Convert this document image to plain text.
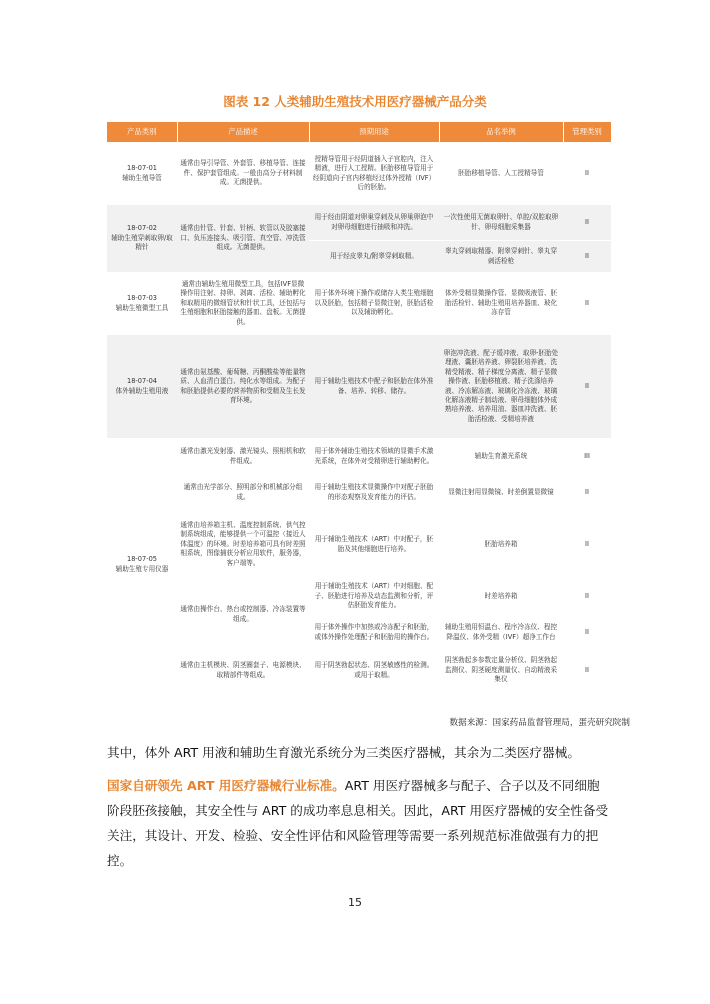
图表 12 人类辅助生殖技术用医疗器械产品分类
产品类别	产品描述	预期用途	品名举例	管理类别
18-07-01
辅助生殖导管	通常由导引导管、外套管、移植导管、连接件、保护套管组成。一般由高分子材料制成。无菌提供。	授精导管用于经阴道插入子宫腔内，注入精液，进行人工授精。胚胎移植导管用于经阴道向子宫内移植经过体外授精（IVF）后的胚胎。	胚胎移植导管、人工授精导管	II
18-07-02
辅助生殖穿刺取卵/取精针	通常由针管、针套、针柄、软管以及胶塞接口、负压连接头、吸引管、真空管、冲洗管组成。无菌提供。	用于经由阴道对卵巢穿刺及从卵巢卵泡中对卵母细胞进行抽吸和冲洗。	一次性使用无菌取卵针、单腔/双腔取卵针、卵母细胞采集器	II
		用于经皮睾丸/附睾穿刺取精。	睾丸穿刺取精器、附睾穿刺针、睾丸穿刺活检枪	II
18-07-03
辅助生殖微型工具	通常由辅助生殖用微型工具，包括IVF显微操作用注射、持卵、剥离、活检、辅助孵化和取精用的微细管状和针状工具，还包括与生殖细胞和胚胎接触的器皿、盘板。无菌提供。	用于体外环境下操作或储存人类生殖细胞以及胚胎，包括精子显微注射，胚胎活检以及辅助孵化。	体外受精显微操作管、显微吸液管、胚胎活检针、辅助生殖用培养器皿、玻化冻存管	II
18-07-04
体外辅助生殖用液	通常由氨基酸、葡萄糖、丙酮酸盐等能量物质、人血清白蛋白、纯化水等组成。为配子和胚胎提供必要的营养物质和受精及生长发育环境。	用于辅助生殖技术中配子和胚胎在体外准备、培养、转移、储存。	卵泡冲洗液、配子缓冲液、取卵-胚胎处理液、囊胚培养液、卵裂胚培养液、洗精受精液、精子梯度分离液、精子显微操作液、胚胎移植液、精子洗涤培养液、冷冻解冻液、玻璃化冷冻液、玻璃化解冻液精子制动液、卵母细胞体外成熟培养液、培养用油、器皿冲洗液、胚胎活检液、受精培养液	II
18-07-05
辅助生殖专用仪器	通常由激光发射器、激光镜头、照相机和软件组成。	用于体外辅助生殖技术领域的显微手术激光系统，在体外对受精卵进行辅助孵化。	辅助生育激光系统	III
	通常由光学部分、照明部分和机械部分组成。	用于辅助生殖技术显微操作中对配子胚胎的形态观察及发育能力的评估。	显微注射用显微镜、时差倒置显微镜	II
	通常由培养箱主机、温度控制系统、供气控制系统组成，能够提供一个可温控（接近人体温度）的环境。时差培养箱可具有时差照相系统，图像捕获分析应用软件，服务器，客户端等。	用于辅助生殖技术（ART）中对配子，胚胎及其他细胞进行培养。	胚胎培养箱	II
	通常由操作台、热台或控制器、冷冻装置等组成。	用于辅助生殖技术（ART）中对细胞、配子、胚胎进行培养及动态监测和分析，评估胚胎发育能力。	时差培养箱	II
		用于体外操作中加热或冷冻配子和胚胎，或体外操作处理配子和胚胎用的操作台。	辅助生殖用恒温台、程序冷冻仪、程控降温仪、体外受精（IVF）超净工作台	II
	通常由主机模块、阴茎圈套子、电源模块、取精部件等组成。	用于阴茎勃起状态、阴茎敏感性的检测。或用于取精。	阴茎勃起多参数定量分析仪、阴茎勃起监测仪、阴茎硬度测量仪、自动精液采集仪	II
数据来源：国家药品监督管理局，蛋壳研究院制
其中，体外 ART 用液和辅助生育激光系统分为三类医疗器械，其余为二类医疗器械。
国家自研领先 ART 用医疗器械行业标准。ART 用医疗器械多与配子、合子以及不同细胞阶段胚孩接触，其安全性与 ART 的成功率息息相关。因此，ART 用医疗器械的安全性备受关注，其设计、开发、检验、安全性评估和风险管理等需要一系列规范标准做强有力的把控。
15
